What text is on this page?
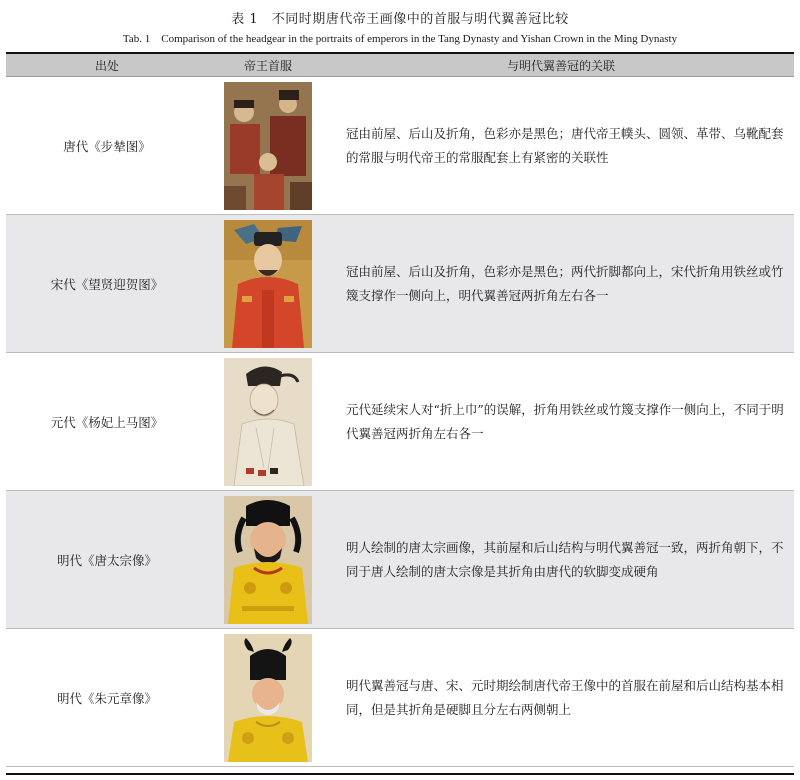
表 1　不同时期唐代帝王画像中的首服与明代翼善冠比较
Tab. 1　Comparison of the headgear in the portraits of emperors in the Tang Dynasty and Yishan Crown in the Ming Dynasty
出处	帝王首服	与明代翼善冠的关联
唐代《步辇图》
冠由前屋、后山及折角，色彩亦是黑色；唐代帝王幞头、圆领、革带、乌靴配套的常服与明代帝王的常服配套上有紧密的关联性
宋代《望贤迎贺图》
冠由前屋、后山及折角，色彩亦是黑色；两代折脚都向上，宋代折角用铁丝或竹篾支撑作一侧向上，明代翼善冠两折角左右各一
元代《杨妃上马图》
元代延续宋人对“折上巾”的误解，折角用铁丝或竹篾支撑作一侧向上，不同于明代翼善冠两折角左右各一
明代《唐太宗像》
明人绘制的唐太宗画像，其前屋和后山结构与明代翼善冠一致，两折角朝下，不同于唐人绘制的唐太宗像是其折角由唐代的软脚变成硬角
明代《朱元章像》
明代翼善冠与唐、宋、元时期绘制唐代帝王像中的首服在前屋和后山结构基本相同，但是其折角是硬脚且分左右两侧朝上
